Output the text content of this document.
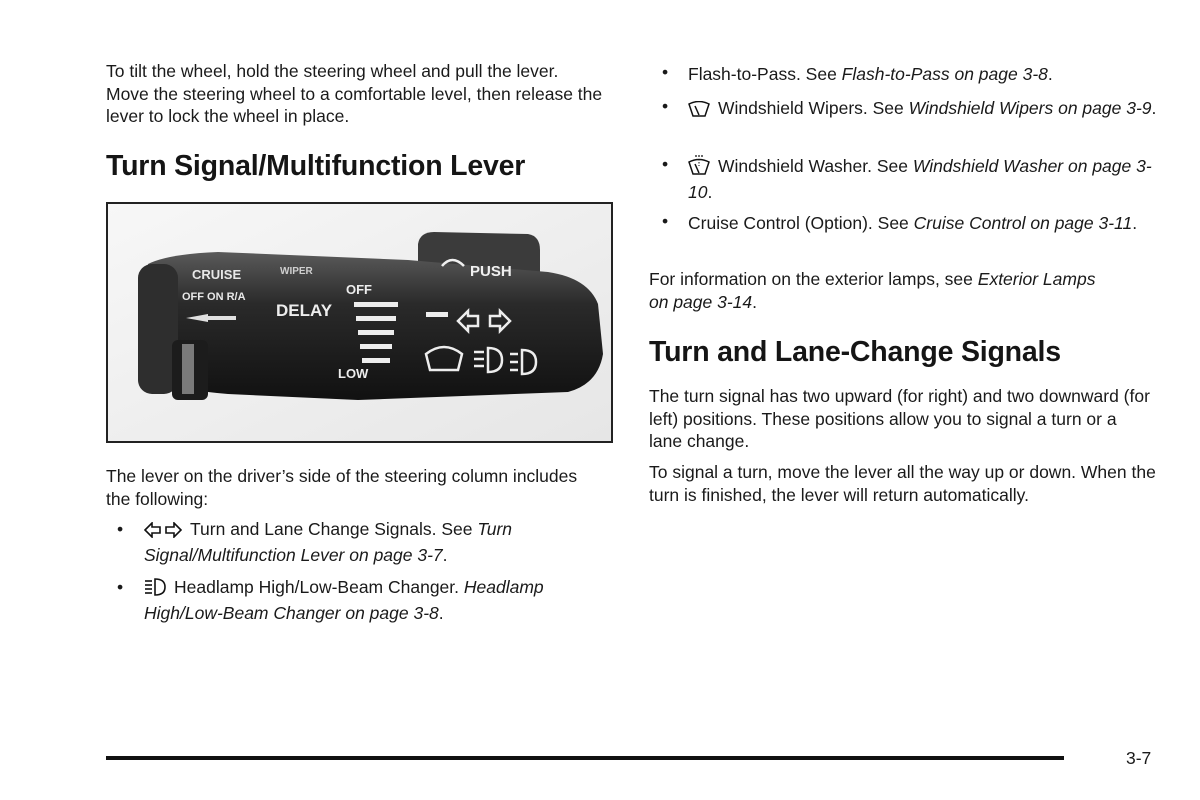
To tilt the wheel, hold the steering wheel and pull the lever. Move the steering wheel to a comfortable level, then release the lever to lock the wheel in place.

Turn Signal/Multifunction Lever

The lever on the driver’s side of the steering column includes the following:

•	Turn and Lane Change Signals. See Turn Signal/Multifunction Lever on page 3-7.
•	Headlamp High/Low-Beam Changer. Headlamp High/Low-Beam Changer on page 3-8.
CRUISE
OFF ON R/A
WIPER
DELAY
OFF
LOW
PUSH
• Flash-to-Pass. See Flash-to-Pass on page 3-8.
•	Windshield Wipers. See Windshield Wipers on page 3-9.
•	Windshield Washer. See Windshield Washer on page 3-10.
• Cruise Control (Option). See Cruise Control on page 3-11.

For information on the exterior lamps, see Exterior Lamps on page 3-14.

Turn and Lane-Change Signals

The turn signal has two upward (for right) and two downward (for left) positions. These positions allow you to signal a turn or a lane change.

To signal a turn, move the lever all the way up or down. When the turn is finished, the lever will return automatically.

3-7
